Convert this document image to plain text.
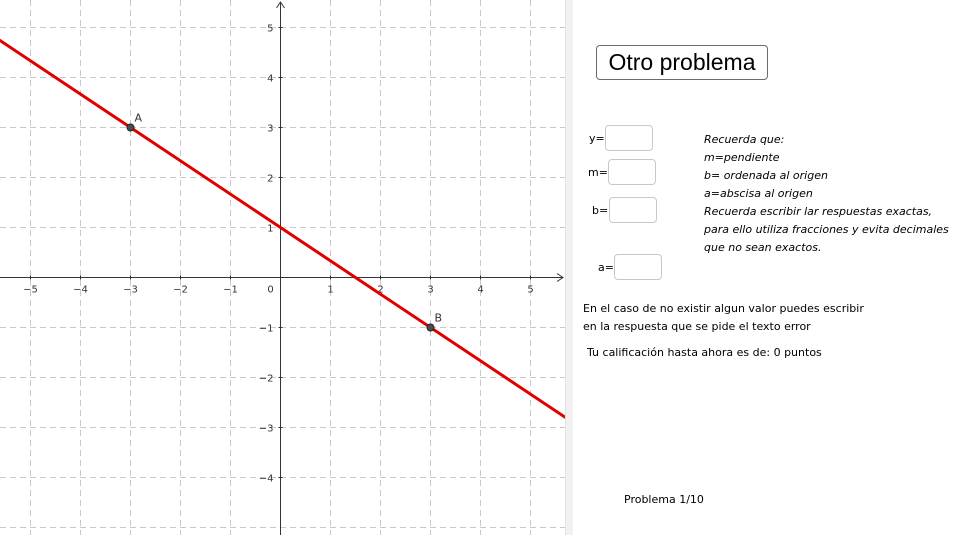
−5	−4	−3	−2	−1	0	1	2	3	4	5
5
4
3
2
1
−1
−2
−3
−4
A
B
Otro problema
y=
m=
b=
a=
Recuerda que:
m=pendiente
b= ordenada al origen
a=abscisa al origen
Recuerda escribir lar respuestas exactas,
para ello utiliza fracciones y evita decimales
que no sean exactos.
En el caso de no existir algun valor puedes escribir
en la respuesta que se pide el texto error
Tu calificación hasta ahora es de: 0 puntos
Problema 1/10
